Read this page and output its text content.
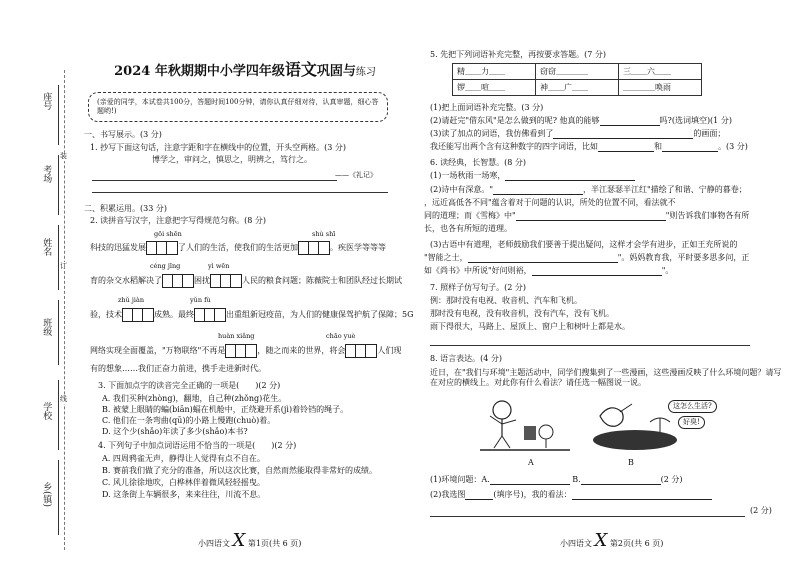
座号
考场
姓名
班级
学校
乡(镇)
装
订
线
2024 年秋期期中小学四年级语文巩固与练习
(亲爱的同学，本试卷共100分，答题时间100分钟，请你认真仔细对待，认真审题，细心答题哟!)
一、书写展示。(3 分)
1. 抄写下面这句话，注意字距和字在横线中的位置，开头空两格。(3 分)
博学之，审问之，慎思之，明辨之，笃行之。
——《礼记》
二、积累运用。(33 分)
2. 读拼音写汉字，注意把字写得规范匀称。(8 分)
gōi shēn	shù shī
科技的迅猛发展	了人们的生活，使我们的生活更加	。疾医学等等等
céng jīng	yì wēn
育的杂交水稻解决了	困扰	人民的粮食问题；陈薇院士和团队经过长期试
zhǔ jiàn	yǔn fù
验，技术	成熟。最终	出重组新冠疫苗，为人们的健康保驾护航了保障；5G
huàn xiǎng	chāo yuè
网络实现全面覆盖，"万物联络"不再是	，随之而来的世界，将会	人们现
有的想象……我们正奋力前进，携手走进新时代。
3. 下面加点字的读音完全正确的一项是(　　)(2 分)
A. 我们买种(zhòng)，翻地，自己种(zhǒng)花生。
B. 被蒙上眼睛的蝙(biān)蝠在机舱中，正绕避开系(jì)着铃铛的绳子。
C. 他们在一条弯曲(qū)的小路上慢跑(chuò)着。
D. 这个少(shǎo)年读了多少(shǎo)本书?
4. 下列句子中加点词语运用不恰当的一项是(　　)(2 分)
A. 四周鸦雀无声，静得让人觉得有点不自在。
B. 赛前我们做了充分的准备，所以这次比赛，自然而然能取得非常好的成绩。
C. 风儿徐徐地吹，白桦林伴着微风轻轻摇曳。
D. 这条街上车辆很多，来来往往，川流不息。
小四语文 X 第1页(共 6 页)
5. 先把下列词语补充完整，再按要求答题。(7 分)
精＿＿力＿＿	窃窃＿＿＿＿	三＿＿六＿＿
锣＿＿喧＿＿	神＿＿广＿＿	＿＿＿＿唤雨
(1)把上面词语补充完整。(3 分)
(2)请赶完"借东风"是怎么做到的呢? 他真的能够	吗?(选词填空)(1 分)
(3)读了加点的词语，我仿佛看到了	的画面；
我还能写出两个含有这种数字的四字词语，比如	和	。(3 分)
6. 读经典，长智慧。(8 分)
(1)一场秋雨一场寒，
(2)诗中有深意。"	，半江瑟瑟半江红"描绘了和谐、宁静的暮卷；
，远近高低各不同"蕴含着对于问题的认识，所处的位置不同，看法就不
同的道理；而《雪梅》中"	"则告诉我们事物各有所
长，也各有所短的道理。
(3)古语中有道理，老师鼓励我们要善于提出疑问，这样才会学有进步，正如王充所说的
"智能之士，	"。妈妈教育我，平时要多思多问，正
如《尚书》中所说"好问则裕，	"。
7. 照样子仿写句子。(2 分)
例：那时没有电视、收音机、汽车和飞机。
那时没有电视，没有收音机，没有汽车，没有飞机。
雨下得很大，马路上、屋顶上、窗户上和树叶上都是水。
8. 语言表达。(4 分)
近日，在"我们与环境"主题活动中，同学们搜集到了一些漫画，这些漫画反映了什么环境问题？请写在对应的横线上。对此你有什么看法？请任选一幅图说一说。
A
这怎么生活?
好臭!
B
(1)环境问题：A.	B.	(2 分)
(2)我选图	(填序号)，我的看法：
(2 分)
小四语文 X 第2页(共 6 页)
